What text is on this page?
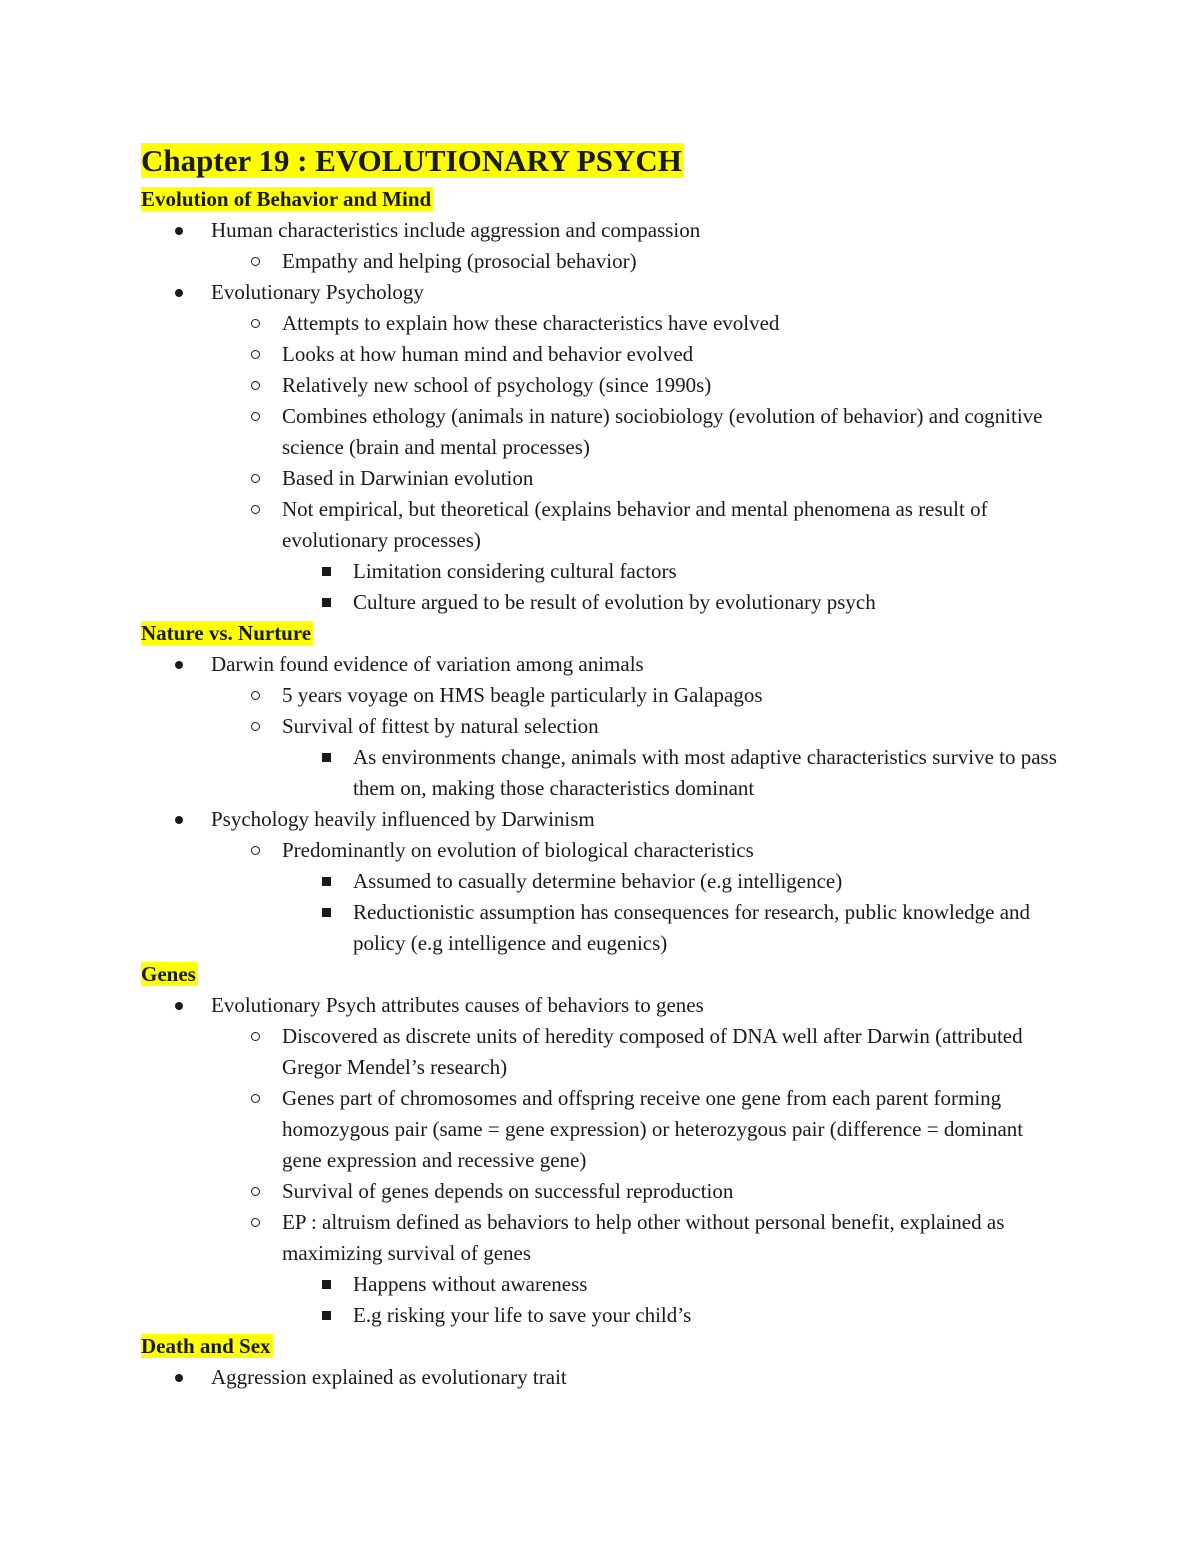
Chapter 19 : EVOLUTIONARY PSYCH
Evolution of Behavior and Mind
Human characteristics include aggression and compassion
Empathy and helping (prosocial behavior)
Evolutionary Psychology
Attempts to explain how these characteristics have evolved
Looks at how human mind and behavior evolved
Relatively new school of psychology (since 1990s)
Combines ethology (animals in nature) sociobiology (evolution of behavior) and cognitive science (brain and mental processes)
Based in Darwinian evolution
Not empirical, but theoretical (explains behavior and mental phenomena as result of evolutionary processes)
Limitation considering cultural factors
Culture argued to be result of evolution by evolutionary psych
Nature vs. Nurture
Darwin found evidence of variation among animals
5 years voyage on HMS beagle particularly in Galapagos
Survival of fittest by natural selection
As environments change, animals with most adaptive characteristics survive to pass them on, making those characteristics dominant
Psychology heavily influenced by Darwinism
Predominantly on evolution of biological characteristics
Assumed to casually determine behavior (e.g intelligence)
Reductionistic assumption has consequences for research, public knowledge and policy (e.g intelligence and eugenics)
Genes
Evolutionary Psych attributes causes of behaviors to genes
Discovered as discrete units of heredity composed of DNA well after Darwin (attributed Gregor Mendel’s research)
Genes part of chromosomes and offspring receive one gene from each parent forming homozygous pair (same = gene expression) or heterozygous pair (difference = dominant gene expression and recessive gene)
Survival of genes depends on successful reproduction
EP : altruism defined as behaviors to help other without personal benefit, explained as maximizing survival of genes
Happens without awareness
E.g risking your life to save your child’s
Death and Sex
Aggression explained as evolutionary trait
